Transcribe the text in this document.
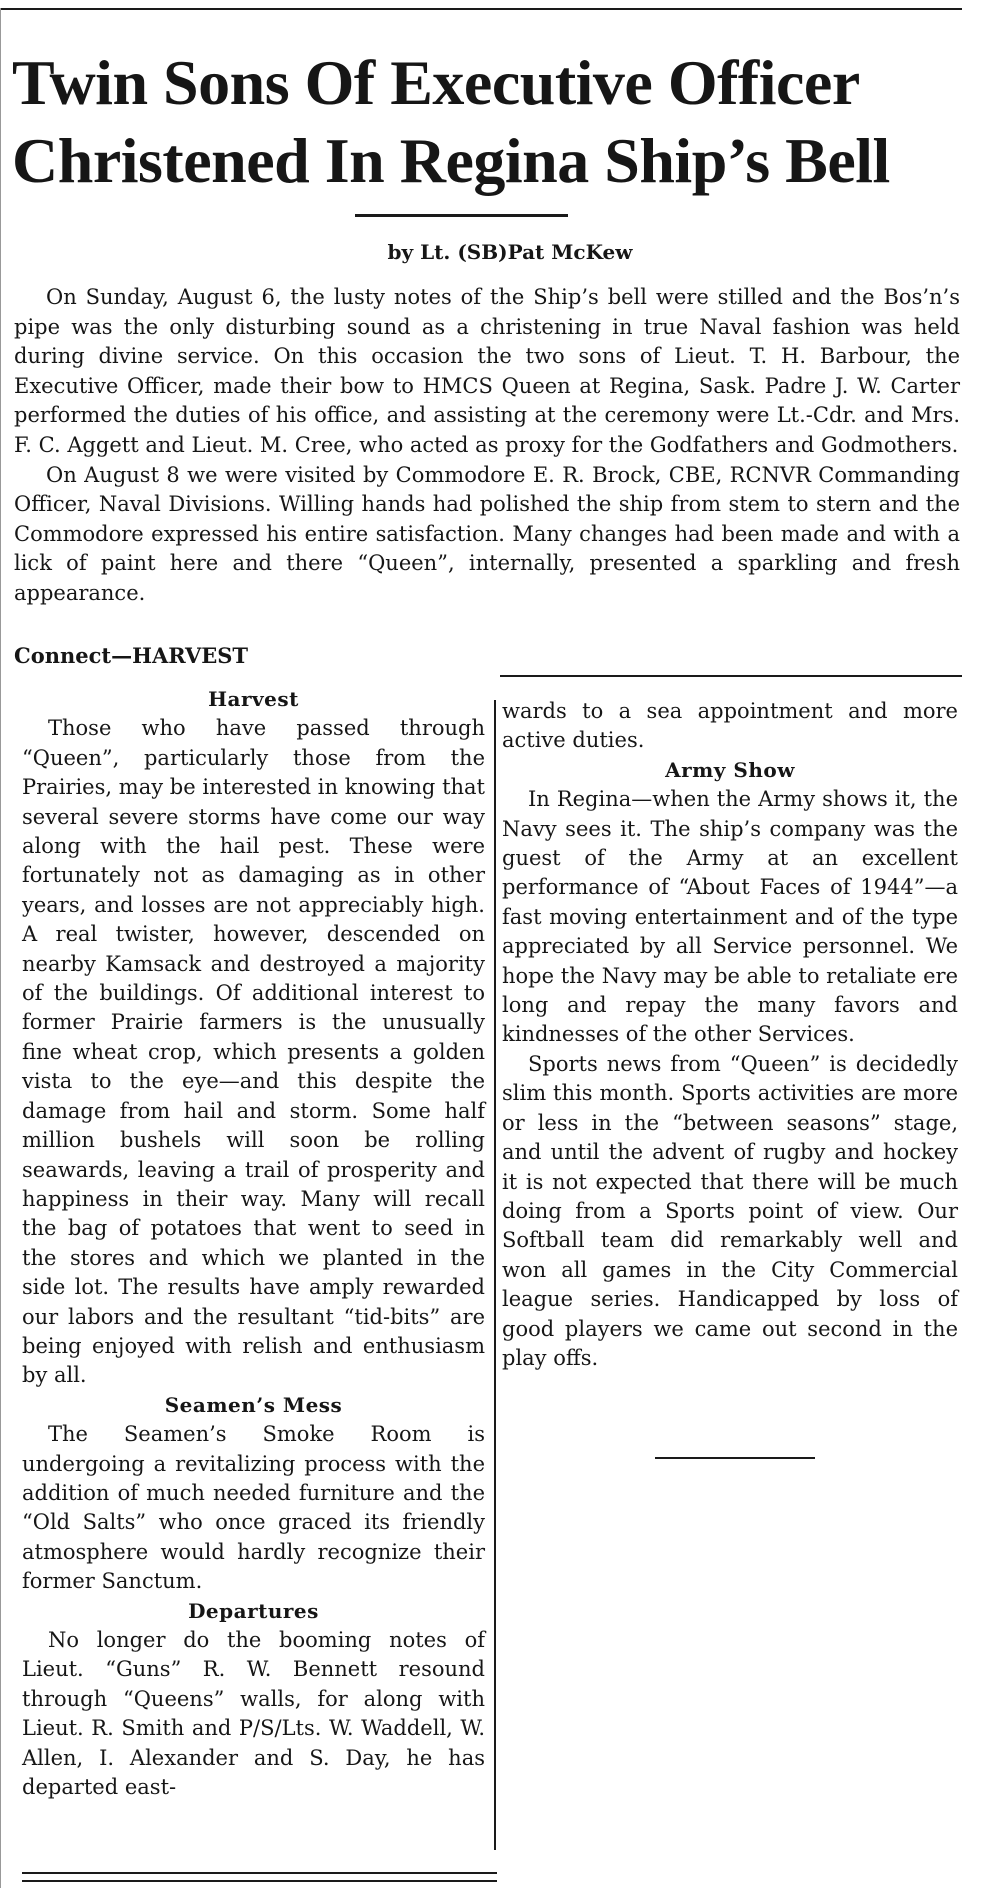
Twin Sons Of Executive Officer
Christened In Regina Ship’s Bell
by Lt. (SB)Pat McKew

On Sunday, August 6, the lusty notes of the Ship’s bell were stilled and the Bos’n’s pipe was the only disturbing sound as a christening in true Naval fashion was held during divine service. On this occasion the two sons of Lieut. T. H. Barbour, the Executive Officer, made their bow to HMCS Queen at Regina, Sask. Padre J. W. Carter performed the duties of his office, and assisting at the ceremony were Lt.-Cdr. and Mrs. F. C. Aggett and Lieut. M. Cree, who acted as proxy for the Godfathers and Godmothers.

On August 8 we were visited by Commodore E. R. Brock, CBE, RCNVR Commanding Officer, Naval Divisions. Willing hands had polished the ship from stem to stern and the Commodore expressed his entire satisfaction. Many changes had been made and with a lick of paint here and there “Queen”, internally, presented a sparkling and fresh appearance.

Connect—HARVEST
Harvest

Those who have passed through “Queen”, particularly those from the Prairies, may be interested in knowing that several severe storms have come our way along with the hail pest. These were fortunately not as damaging as in other years, and losses are not appreciably high. A real twister, however, descended on nearby Kamsack and destroyed a majority of the buildings. Of additional interest to former Prairie farmers is the unusually fine wheat crop, which presents a golden vista to the eye—and this despite the damage from hail and storm. Some half million bushels will soon be rolling seawards, leaving a trail of prosperity and happiness in their way. Many will recall the bag of potatoes that went to seed in the stores and which we planted in the side lot. The results have amply rewarded our labors and the resultant “tid-bits” are being enjoyed with relish and enthusiasm by all.

Seamen’s Mess

The Seamen’s Smoke Room is undergoing a revitalizing process with the addition of much needed furniture and the “Old Salts” who once graced its friendly atmosphere would hardly recognize their former Sanctum.

Departures

No longer do the booming notes of Lieut. “Guns” R. W. Bennett resound through “Queens” walls, for along with Lieut. R. Smith and P/S/Lts. W. Waddell, W. Allen, I. Alexander and S. Day, he has departed east-

wards to a sea appointment and more active duties.

Army Show

In Regina—when the Army shows it, the Navy sees it. The ship’s company was the guest of the Army at an excellent performance of “About Faces of 1944”—a fast moving entertainment and of the type appreciated by all Service personnel. We hope the Navy may be able to retaliate ere long and repay the many favors and kindnesses of the other Services.

Sports news from “Queen” is decidedly slim this month. Sports activities are more or less in the “between seasons” stage, and until the advent of rugby and hockey it is not expected that there will be much doing from a Sports point of view. Our Softball team did remarkably well and won all games in the City Commercial league series. Handicapped by loss of good players we came out second in the play offs.
